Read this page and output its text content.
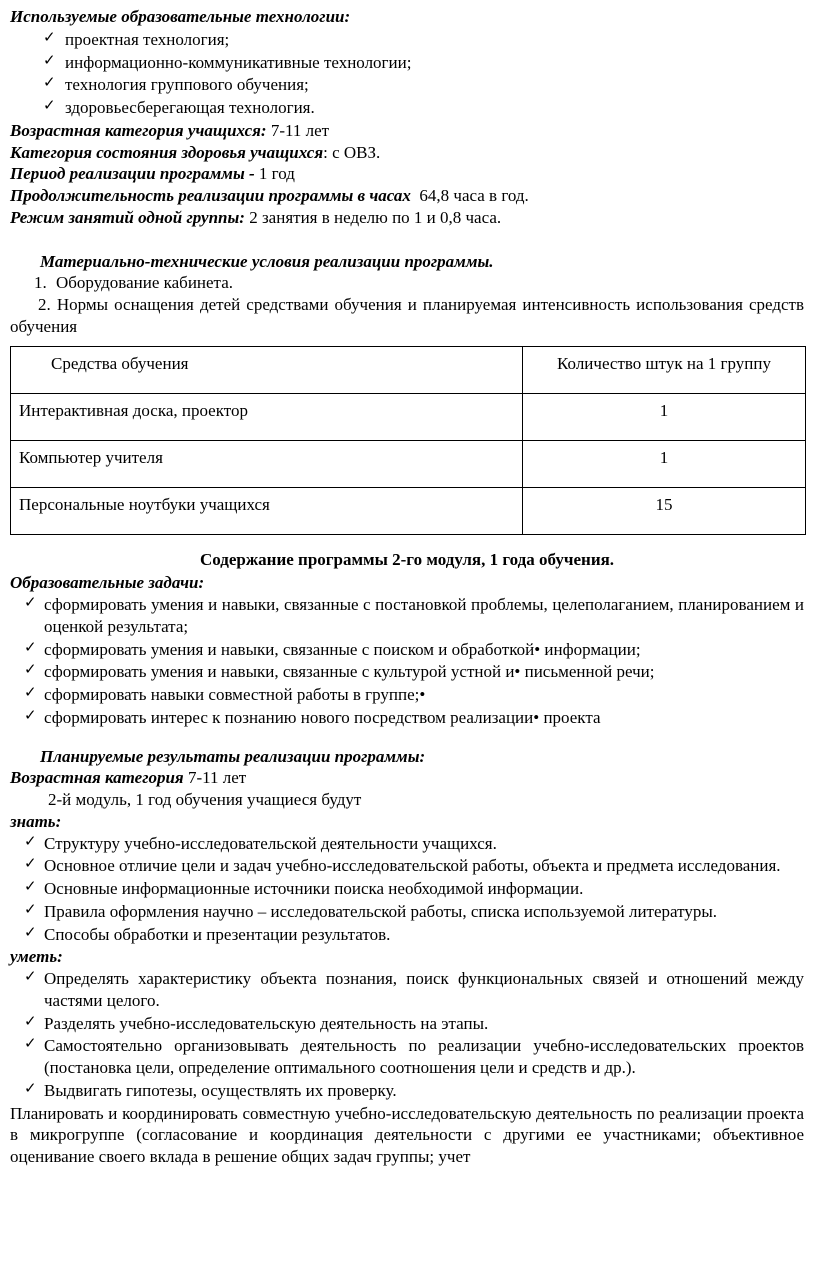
Используемые образовательные технологии:
✓ проектная технология;
✓ информационно-коммуникативные технологии;
✓ технология группового обучения;
✓ здоровьесберегающая технология.
Возрастная категория учащихся: 7-11 лет
Категория состояния здоровья учащихся: с ОВЗ.
Период реализации программы - 1 год
Продолжительность реализации программы в часах 64,8 часа в год.
Режим занятий одной группы: 2 занятия в неделю по 1 и 0,8 часа.
Материально-технические условия реализации программы.
1. Оборудование кабинета.
2. Нормы оснащения детей средствами обучения и планируемая интенсивность использования средств обучения
Средства обучения	Количество штук на 1 группу
Интерактивная доска, проектор	1
Компьютер учителя	1
Персональные ноутбуки учащихся	15
Содержание программы 2-го модуля, 1 года обучения.
Образовательные задачи:
✓ сформировать умения и навыки, связанные с постановкой проблемы, целеполаганием, планированием и оценкой результата;
✓ сформировать умения и навыки, связанные с поиском и обработкой• информации;
✓ сформировать умения и навыки, связанные с культурой устной и• письменной речи;
✓ сформировать навыки совместной работы в группе;•
✓ сформировать интерес к познанию нового посредством реализации• проекта
Планируемые результаты реализации программы:
Возрастная категория 7-11 лет
2-й модуль, 1 год обучения учащиеся будут
знать:
✓ Структуру учебно-исследовательской деятельности учащихся.
✓ Основное отличие цели и задач учебно-исследовательской работы, объекта и предмета исследования.
✓ Основные информационные источники поиска необходимой информации.
✓ Правила оформления научно – исследовательской работы, списка используемой литературы.
✓ Способы обработки и презентации результатов.
уметь:
✓ Определять характеристику объекта познания, поиск функциональных связей и отношений между частями целого.
✓ Разделять учебно-исследовательскую деятельность на этапы.
✓ Самостоятельно организовывать деятельность по реализации учебно-исследовательских проектов (постановка цели, определение оптимального соотношения цели и средств и др.).
✓ Выдвигать гипотезы, осуществлять их проверку.
Планировать и координировать совместную учебно-исследовательскую деятельность по реализации проекта в микрогруппе (согласование и координация деятельности с другими ее участниками; объективное оценивание своего вклада в решение общих задач группы; учет
